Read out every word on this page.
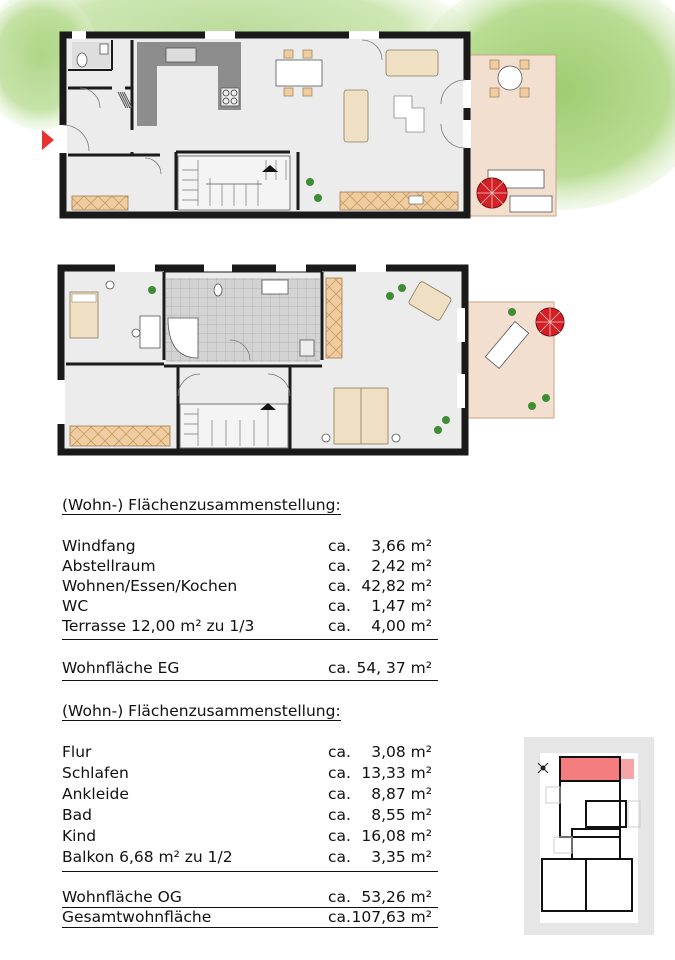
(Wohn-) Flächenzusammenstellung:
Windfang	ca. 3,66 m²
Abstellraum	ca. 2,42 m²
Wohnen/Essen/Kochen	ca. 42,82 m²
WC	ca. 1,47 m²
Terrasse 12,00 m² zu 1/3	ca. 4,00 m²
Wohnfläche EG	ca. 54, 37 m²
(Wohn-) Flächenzusammenstellung:
Flur	ca. 3,08 m²
Schlafen	ca. 13,33 m²
Ankleide	ca. 8,87 m²
Bad	ca. 8,55 m²
Kind	ca. 16,08 m²
Balkon 6,68 m² zu 1/2	ca. 3,35 m²
Wohnfläche OG	ca. 53,26 m²
Gesamtwohnfläche	ca. 107,63 m²
